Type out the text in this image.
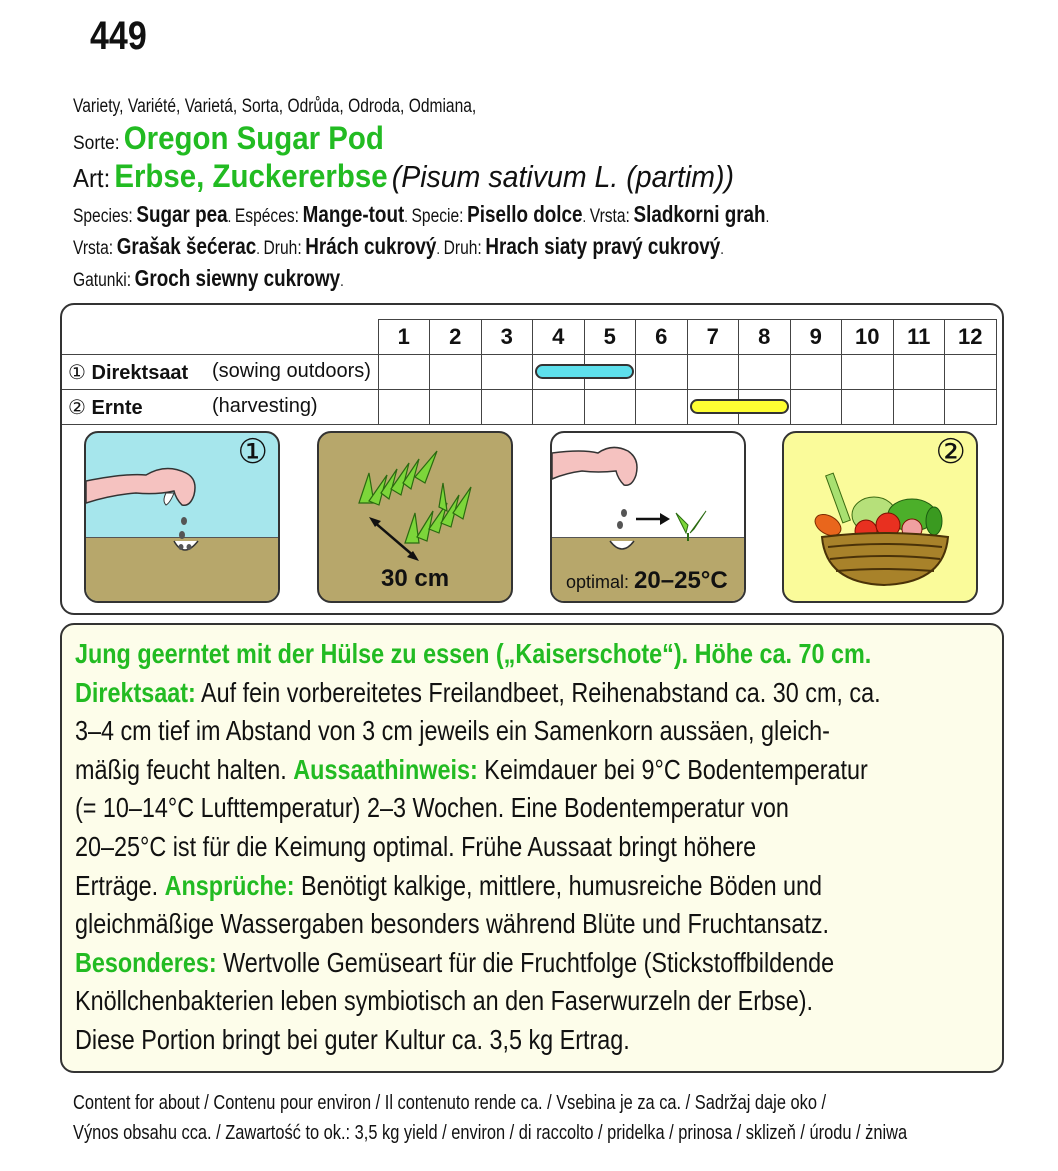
449
Variety, Variété, Varietá, Sorta, Odrůda, Odroda, Odmiana,
Sorte: Oregon Sugar Pod
Art: Erbse, Zuckererbse (Pisum sativum L. (partim))
Species: Sugar pea. Espéces: Mange-tout. Specie: Pisello dolce. Vrsta: Sladkorni grah.
Vrsta: Grašak šećerac. Druh: Hrách cukrový. Druh: Hrach siaty pravý cukrový.
Gatunki: Groch siewny cukrowy.
	1	2	3	4	5	6	7	8	9	10	11	12
① Direktsaat (sowing outdoors)												

② Ernte (harvesting)												

①
30 cm	optimal: 20–25°C
②
Jung geerntet mit der Hülse zu essen („Kaiserschote“). Höhe ca. 70 cm.
Direktsaat: Auf fein vorbereitetes Freilandbeet, Reihenabstand ca. 30 cm, ca.
3–4 cm tief im Abstand von 3 cm jeweils ein Samenkorn aussäen, gleich-
mäßig feucht halten. Aussaathinweis: Keimdauer bei 9°C Bodentemperatur
(= 10–14°C Lufttemperatur) 2–3 Wochen. Eine Bodentemperatur von
20–25°C ist für die Keimung optimal. Frühe Aussaat bringt höhere
Erträge. Ansprüche: Benötigt kalkige, mittlere, humusreiche Böden und
gleichmäßige Wassergaben besonders während Blüte und Fruchtansatz.
Besonderes: Wertvolle Gemüseart für die Fruchtfolge (Stickstoffbildende
Knöllchenbakterien leben symbiotisch an den Faserwurzeln der Erbse).
Diese Portion bringt bei guter Kultur ca. 3,5 kg Ertrag.
Content for about / Contenu pour environ / Il contenuto rende ca. / Vsebina je za ca. / Sadržaj daje oko /
Výnos obsahu cca. / Zawartość to ok.: 3,5 kg yield / environ / di raccolto / pridelka / prinosa / sklizeň / úrodu / żniwa
